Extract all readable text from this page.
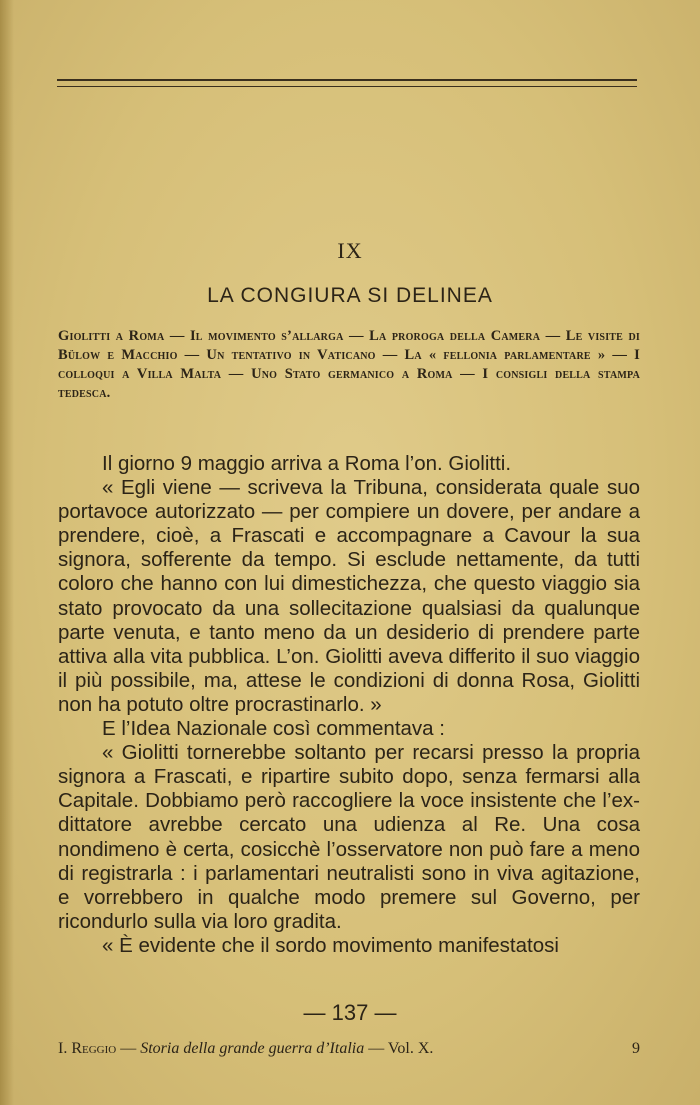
IX
LA CONGIURA SI DELINEA
Giolitti a Roma — Il movimento s’allarga — La proroga della Camera — Le visite di Bülow e Macchio — Un tentativo in Vaticano — La « fellonia parlamentare » — I colloqui a Villa Malta — Uno Stato germanico a Roma — I consigli della stampa tedesca.

Il giorno 9 maggio arriva a Roma l’on. Giolitti.

« Egli viene — scriveva la Tribuna, considerata quale suo portavoce autorizzato — per compiere un dovere, per andare a prendere, cioè, a Frascati e accompagnare a Cavour la sua signora, sofferente da tempo. Si esclude nettamente, da tutti coloro che hanno con lui dimestichezza, che questo viaggio sia stato provocato da una sollecitazione qualsiasi da qualunque parte venuta, e tanto meno da un desiderio di prendere parte attiva alla vita pubblica. L’on. Giolitti aveva differito il suo viaggio il più possibile, ma, attese le condizioni di donna Rosa, Giolitti non ha potuto oltre procrastinarlo. »

E l’Idea Nazionale così commentava :

« Giolitti tornerebbe soltanto per recarsi presso la propria signora a Frascati, e ripartire subito dopo, senza fermarsi alla Capitale. Dobbiamo però raccogliere la voce insistente che l’ex-dittatore avrebbe cercato una udienza al Re. Una cosa nondimeno è certa, cosicchè l’osservatore non può fare a meno di registrarla : i parlamentari neutralisti sono in viva agitazione, e vorrebbero in qualche modo premere sul Governo, per ricondurlo sulla via loro gradita.

« È evidente che il sordo movimento manifestatosi

— 137 —
I. Reggio — Storia della grande guerra d’Italia — Vol. X.	9
